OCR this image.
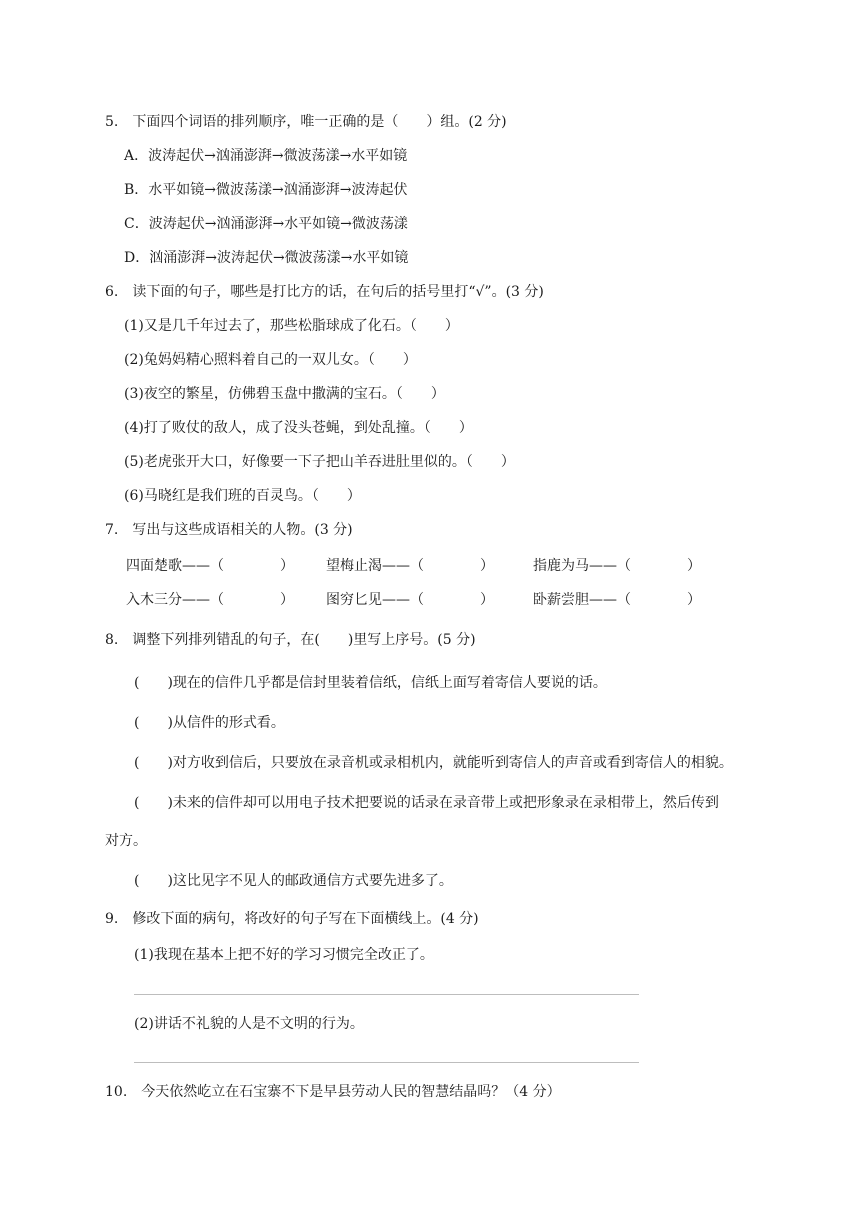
5.　下面四个词语的排列顺序，唯一正确的是（　　）组。(2 分)
A．波涛起伏→汹涌澎湃→微波荡漾→水平如镜
B．水平如镜→微波荡漾→汹涌澎湃→波涛起伏
C．波涛起伏→汹涌澎湃→水平如镜→微波荡漾
D．汹涌澎湃→波涛起伏→微波荡漾→水平如镜
6.　读下面的句子，哪些是打比方的话，在句后的括号里打“√”。(3 分)
(1)又是几千年过去了，那些松脂球成了化石。（　　）
(2)兔妈妈精心照料着自己的一双儿女。（　　）
(3)夜空的繁星，仿佛碧玉盘中撒满的宝石。（　　）
(4)打了败仗的敌人，成了没头苍蝇，到处乱撞。（　　）
(5)老虎张开大口，好像要一下子把山羊吞进肚里似的。（　　）
(6)马晓红是我们班的百灵鸟。（　　）
7.　写出与这些成语相关的人物。(3 分)
四面楚歌——（　　　　） 望梅止渴——（　　　　）	指鹿为马——（　　　　）
入木三分——（　　　　） 图穷匕见——（　　　　）	卧薪尝胆——（　　　　）
8.　调整下列排列错乱的句子，在(　　)里写上序号。(5 分)
(　　)现在的信件几乎都是信封里装着信纸，信纸上面写着寄信人要说的话。
(　　)从信件的形式看。
(　　)对方收到信后，只要放在录音机或录相机内，就能听到寄信人的声音或看到寄信人的相貌。
(　　)未来的信件却可以用电子技术把要说的话录在录音带上或把形象录在录相带上，然后传到
对方。
(　　)这比见字不见人的邮政通信方式要先进多了。
9.　修改下面的病句，将改好的句子写在下面横线上。(4 分)
(1)我现在基本上把不好的学习习惯完全改正了。
(2)讲话不礼貌的人是不文明的行为。
10.　今天依然屹立在石宝寨不下是早县劳动人民的智慧结晶吗？（4 分）
